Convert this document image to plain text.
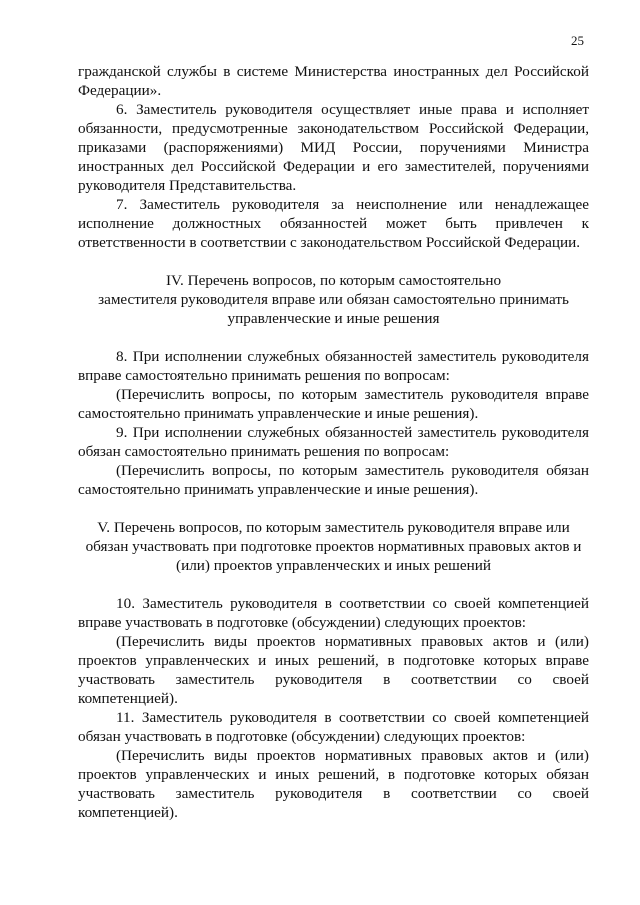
25

гражданской службы в системе Министерства иностранных дел Российской Федерации».

6. Заместитель руководителя осуществляет иные права и исполняет обязанности, предусмотренные законодательством Российской Федерации, приказами (распоряжениями) МИД России, поручениями Министра иностранных дел Российской Федерации и его заместителей, поручениями руководителя Представительства.

7. Заместитель руководителя за неисполнение или ненадлежащее исполнение должностных обязанностей может быть привлечен к ответственности в соответствии с законодательством Российской Федерации.

IV. Перечень вопросов, по которым самостоятельно

заместителя руководителя вправе или обязан самостоятельно принимать

управленческие и иные решения

8. При исполнении служебных обязанностей заместитель руководителя вправе самостоятельно принимать решения по вопросам:

(Перечислить вопросы, по которым заместитель руководителя вправе самостоятельно принимать управленческие и иные решения).

9. При исполнении служебных обязанностей заместитель руководителя обязан самостоятельно принимать решения по вопросам:

(Перечислить вопросы, по которым заместитель руководителя обязан самостоятельно принимать управленческие и иные решения).

V. Перечень вопросов, по которым заместитель руководителя вправе или

обязан участвовать при подготовке проектов нормативных правовых актов и

(или) проектов управленческих и иных решений

10. Заместитель руководителя в соответствии со своей компетенцией вправе участвовать в подготовке (обсуждении) следующих проектов:

(Перечислить виды проектов нормативных правовых актов и (или) проектов управленческих и иных решений, в подготовке которых вправе участвовать заместитель руководителя в соответствии со своей компетенцией).

11. Заместитель руководителя в соответствии со своей компетенцией обязан участвовать в подготовке (обсуждении) следующих проектов:

(Перечислить виды проектов нормативных правовых актов и (или) проектов управленческих и иных решений, в подготовке которых обязан участвовать заместитель руководителя в соответствии со своей компетенцией).
